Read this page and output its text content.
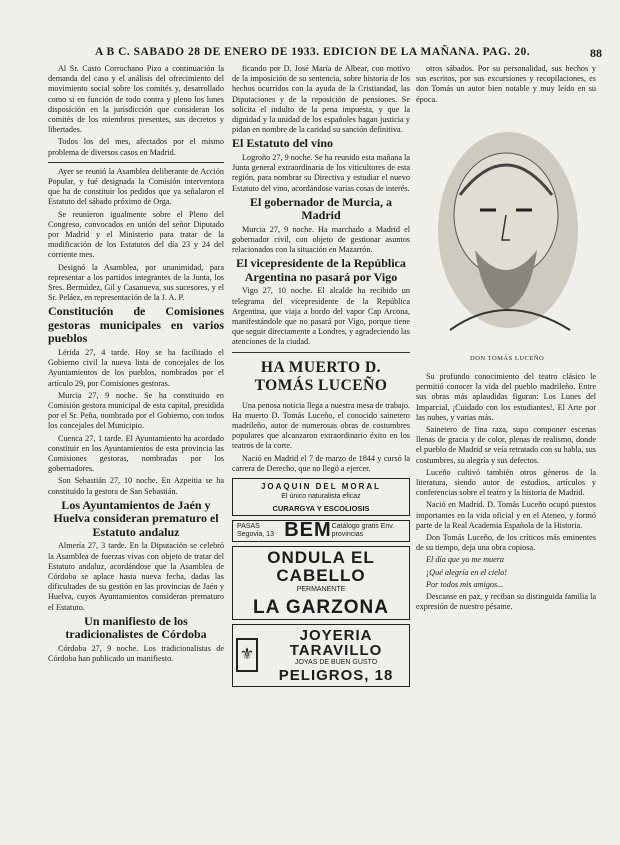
A B C. SABADO 28 DE ENERO DE 1933. EDICION DE LA MAÑANA. PAG. 20.	88

Al Sr. Casto Corrochano Pizo a continuación la demanda del caso y el análisis del ofrecimiento del movimiento social sobre los comités y, desarrollado como si en función de todo contra y pleno los lunes disposición en la jurisdicción que consideran los comités de los miembros presentes, sus decretos y libertades.

Todos los del mes, afectados por el mismo problema de diversos casos en Madrid.

Ayer se reunió la Asamblea deliberante de Acción Popular, y fué designada la Comisión interventora que ha de constituir los pedidos que ya señalaron el Estatuto del sábado próximo de Orga.

Se reunieron igualmente sobre el Pleno del Congreso, convocados en unión del señor Diputado por Madrid y el Ministerio para tratar de la modificación de los Estatutos del día 23 y 24 del corriente mes.

Designó la Asamblea, por unanimidad, para representar a los partidos integrantes de la Junta, los Sres. Bermúdez, Gil y Casanueva, sus sucesores, y el Sr. Peláez, en representación de la J. A. P.

Constitución de Comisiones gestoras municipales en varios pueblos

Lérida 27, 4 tarde. Hoy se ha facilitado el Gobierno civil la nueva lista de concejales de los Ayuntamientos de los pueblos, nombrados por el artículo 29, por Comisiones gestoras.

Murcia 27, 9 noche. Se ha constituido en Comisión gestora municipal de esta capital, presidida por el Sr. Peña, nombrado por el Gobierno, con todos los concejales del Municipio.

Cuenca 27, 1 tarde. El Ayuntamiento ha acordado constituir en los Ayuntamientos de esta provincia las Comisiones gestoras, nombradas por los gobernadores.

Son Sebastián 27, 10 noche. En Azpeitia se ha constituido la gestora de San Sebastián.

Los Ayuntamientos de Jaén y Huelva consideran prematuro el Estatuto andaluz

Almería 27, 3 tarde. En la Diputación se celebró la Asamblea de fuerzas vivas con objeto de tratar del Estatuto andaluz, acordándose que la Asamblea de Córdoba se aplace hasta nueva fecha, dadas las dificultades de su gestión en las provincias de Jaén y Huelva, cuyos Ayuntamientos consideran prematuro el Estatuto.

Un manifiesto de los tradicionalistes de Córdoba

Córdoba 27, 9 noche. Los tradicionalistas de Córdoba han publicado un manifiesto.

ficando por D. José María de Albear, con motivo de la imposición de su sentencia, sobre historia de los hechos ocurridos con la ayuda de la Cristiandad, las Diputaciones y de la reposición de pensiones. Se solicita el indulto de la pena impuesta, y que la dignidad y la unidad de los españoles hagan justicia y pidan en nombre de la caridad su sanción definitiva.

El Estatuto del vino

Logroño 27, 9 noche. Se ha reunido esta mañana la Junta general extraordinaria de los viticultores de esta región, para nombrar su Directiva y estudiar el nuevo Estatuto del vino, acordándose varias cosas de interés.

El gobernador de Murcia, a Madrid

Murcia 27, 9 noche. Ha marchado a Madrid el gobernador civil, con objeto de gestionar asuntos relacionados con la situación en Mazarrón.

El vicepresidente de la República Argentina no pasará por Vigo

Vigo 27, 10 noche. El alcalde ha recibido un telegrama del vicepresidente de la República Argentina, que viaja a bordo del vapor Cap Arcona, manifestándole que no pasará por Vigo, porque tiene que seguir directamente a Londres, y agradeciendo las atenciones de la ciudad.

HA MUERTO D. TOMÁS LUCEÑO

Una penosa noticia llega a nuestra mesa de trabajo. Ha muerto D. Tomás Luceño, el conocido sainetero madrileño, autor de numerosas obras de costumbres populares que alcanzaron extraordinario éxito en los teatros de la corte.

Nació en Madrid el 7 de marzo de 1844 y cursó la carrera de Derecho, que no llegó a ejercer.

JOAQUIN DEL MORAL
El único naturalista eficaz
CURARGYA Y ESCOLIOSIS
PASAS Segovia, 13 BEM Catálogo gratis Env. provincias
ONDULA EL CABELLO
PERMANENTE
LA GARZONA
⚜
JOYERIA TARAVILLO
JOYAS DE BUEN GUSTO
PELIGROS, 18

otros sábados. Por su personalidad, sus hechos y sus escritos, por sus excursiones y recopilaciones, es don Tomás un autor bien notable y muy leído en su época.

DON TOMÁS LUCEÑO

Su profundo conocimiento del teatro clásico le permitió conocer la vida del pueblo madrileño. Entre sus obras más aplaudidas figuran: Los Lunes del Imparcial, ¡Cuidado con los estudiantes!, El Arte por las nubes, y varias más.

Sainetero de fina raza, supo componer escenas llenas de gracia y de color, plenas de realismo, donde el pueblo de Madrid se veía retratado con su habla, sus costumbres, su alegría y sus defectos.

Luceño cultivó también otros géneros de la literatura, siendo autor de estudios, artículos y conferencias sobre el teatro y la historia de Madrid.

Nació en Madrid. D. Tomás Luceño ocupó puestos importantes en la vida oficial y en el Ateneo, y formó parte de la Real Academia Española de la Historia.

Don Tomás Luceño, de los críticos más eminentes de su tiempo, deja una obra copiosa.

El día que yo me muera

¡Qué alegría en el cielo!

Por todos mis amigos...

Descanse en paz, y reciban su distinguida familia la expresión de nuestro pésame.
